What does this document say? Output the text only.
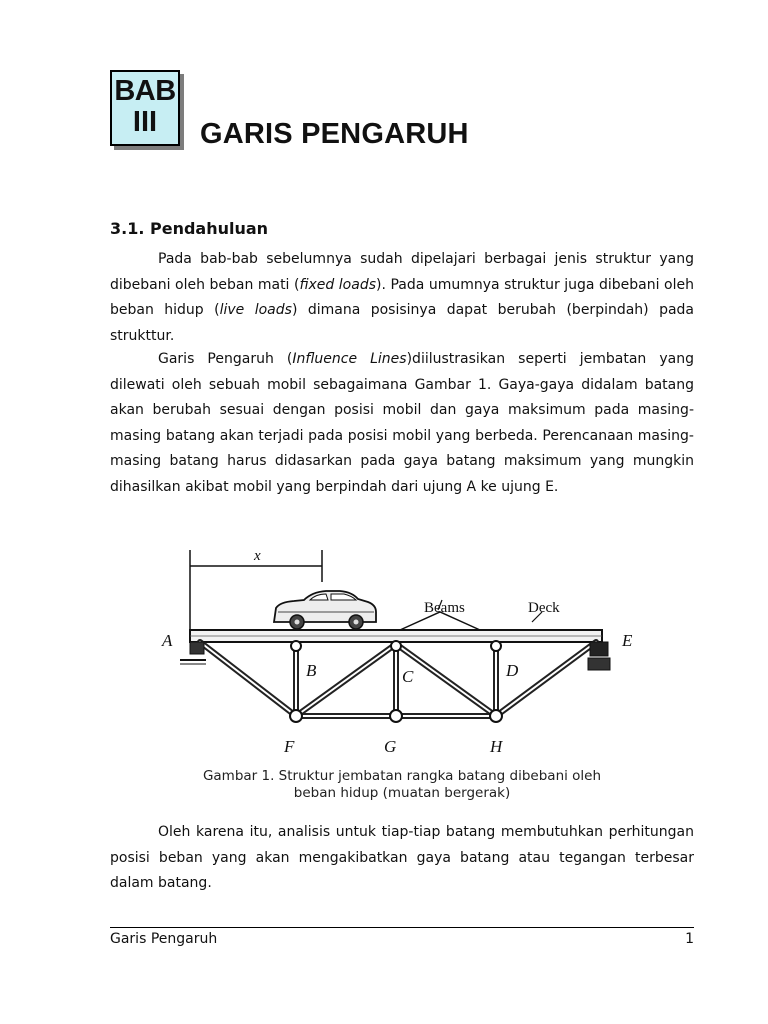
BAB
III	GARIS PENGARUH
3.1. Pendahuluan

Pada bab-bab sebelumnya sudah dipelajari berbagai jenis struktur yang dibebani oleh beban mati (fixed loads). Pada umumnya struktur juga dibebani oleh beban hidup (live loads) dimana posisinya dapat berubah (berpindah) pada strukttur.

Garis Pengaruh (Influence Lines)diilustrasikan seperti jembatan yang dilewati oleh sebuah mobil sebagaimana Gambar 1. Gaya-gaya didalam batang akan berubah sesuai dengan posisi mobil dan gaya maksimum pada masing-masing batang akan terjadi pada posisi mobil yang berbeda. Perencanaan masing-masing batang harus didasarkan pada gaya batang maksimum yang mungkin dihasilkan akibat mobil yang berpindah dari ujung A ke ujung E.

x
Beams	Deck
A
B	C	D
E
F	G	H
Gambar 1. Struktur jembatan rangka batang dibebani oleh
beban hidup (muatan bergerak)

Oleh karena itu, analisis untuk tiap-tiap batang membutuhkan perhitungan posisi beban yang akan mengakibatkan gaya batang atau tegangan terbesar dalam batang.

Garis Pengaruh	1
